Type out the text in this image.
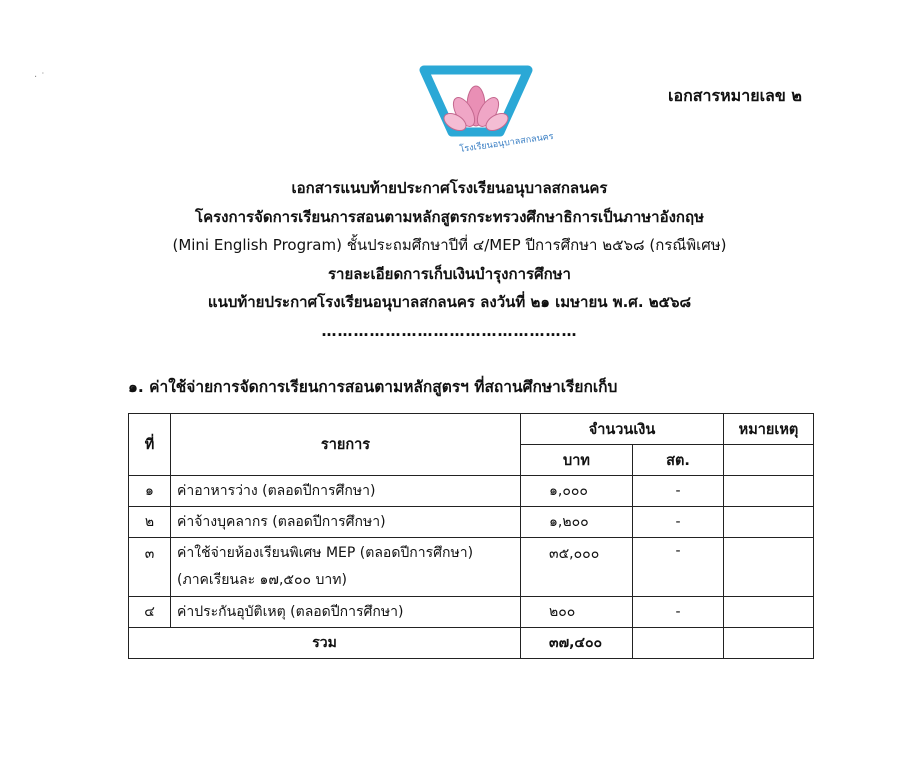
· ˙
เอกสารหมายเลข ๒
โรงเรียนอนุบาลสกลนคร
เอกสารแนบท้ายประกาศโรงเรียนอนุบาลสกลนคร
โครงการจัดการเรียนการสอนตามหลักสูตรกระทรวงศึกษาธิการเป็นภาษาอังกฤษ
(Mini English Program) ชั้นประถมศึกษาปีที่ ๔/MEP ปีการศึกษา ๒๕๖๘ (กรณีพิเศษ)
รายละเอียดการเก็บเงินบำรุงการศึกษา
แนบท้ายประกาศโรงเรียนอนุบาลสกลนคร ลงวันที่ ๒๑ เมษายน พ.ศ. ๒๕๖๘
…………………………………………
๑. ค่าใช้จ่ายการจัดการเรียนการสอนตามหลักสูตรฯ ที่สถานศึกษาเรียกเก็บ
ที่	รายการ	จำนวนเงิน		หมายเหตุ
		บาท	สต.	
๑	ค่าอาหารว่าง (ตลอดปีการศึกษา)	๑,๐๐๐	-	
๒	ค่าจ้างบุคลากร (ตลอดปีการศึกษา)	๑,๒๐๐	-	
๓	ค่าใช้จ่ายห้องเรียนพิเศษ MEP (ตลอดปีการศึกษา)
(ภาคเรียนละ ๑๗,๕๐๐ บาท)	๓๕,๐๐๐	-	
๔	ค่าประกันอุบัติเหตุ (ตลอดปีการศึกษา)	๒๐๐	-	
รวม		๓๗,๔๐๐		
